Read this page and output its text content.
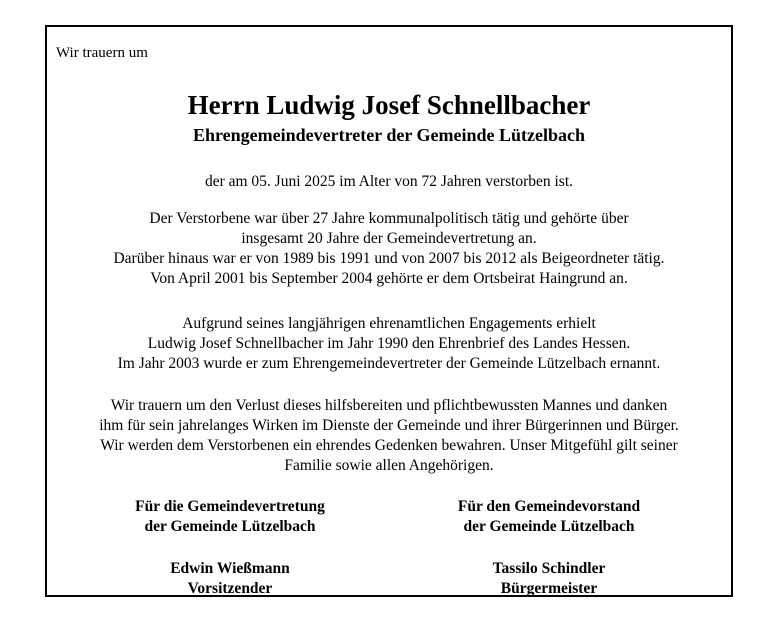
Wir trauern um
Herrn Ludwig Josef Schnellbacher
Ehrengemeindevertreter der Gemeinde Lützelbach
der am 05. Juni 2025 im Alter von 72 Jahren verstorben ist.
Der Verstorbene war über 27 Jahre kommunalpolitisch tätig und gehörte über
insgesamt 20 Jahre der Gemeindevertretung an.
Darüber hinaus war er von 1989 bis 1991 und von 2007 bis 2012 als Beigeordneter tätig.
Von April 2001 bis September 2004 gehörte er dem Ortsbeirat Haingrund an.
Aufgrund seines langjährigen ehrenamtlichen Engagements erhielt
Ludwig Josef Schnellbacher im Jahr 1990 den Ehrenbrief des Landes Hessen.
Im Jahr 2003 wurde er zum Ehrengemeindevertreter der Gemeinde Lützelbach ernannt.
Wir trauern um den Verlust dieses hilfsbereiten und pflichtbewussten Mannes und danken
ihm für sein jahrelanges Wirken im Dienste der Gemeinde und ihrer Bürgerinnen und Bürger.
Wir werden dem Verstorbenen ein ehrendes Gedenken bewahren. Unser Mitgefühl gilt seiner
Familie sowie allen Angehörigen.
Für die Gemeindevertretung
der Gemeinde Lützelbach
Für den Gemeindevorstand
der Gemeinde Lützelbach
Edwin Wießmann
Vorsitzender
Tassilo Schindler
Bürgermeister
